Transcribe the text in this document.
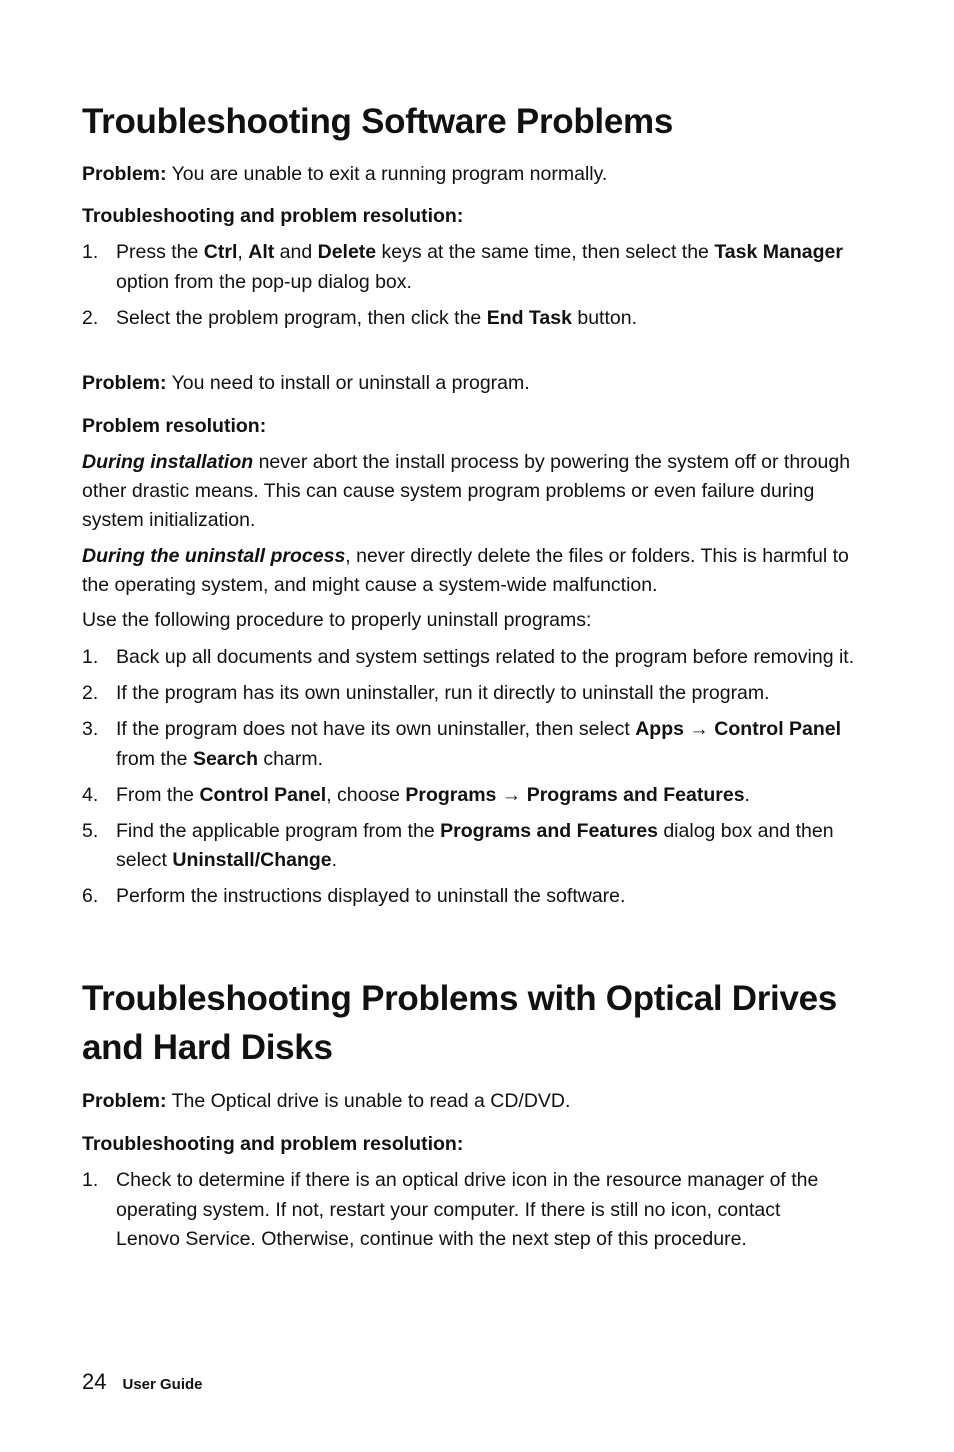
Troubleshooting Software Problems
Problem: You are unable to exit a running program normally.
Troubleshooting and problem resolution:
1. Press the Ctrl, Alt and Delete keys at the same time, then select the Task Manager option from the pop-up dialog box.
2. Select the problem program, then click the End Task button.
Problem: You need to install or uninstall a program.
Problem resolution:
During installation never abort the install process by powering the system off or through other drastic means. This can cause system program problems or even failure during system initialization.
During the uninstall process, never directly delete the files or folders. This is harmful to the operating system, and might cause a system-wide malfunction.
Use the following procedure to properly uninstall programs:
1. Back up all documents and system settings related to the program before removing it.
2. If the program has its own uninstaller, run it directly to uninstall the program.
3. If the program does not have its own uninstaller, then select Apps → Control Panel from the Search charm.
4. From the Control Panel, choose Programs → Programs and Features.
5. Find the applicable program from the Programs and Features dialog box and then select Uninstall/Change.
6. Perform the instructions displayed to uninstall the software.
Troubleshooting Problems with Optical Drives and Hard Disks
Problem: The Optical drive is unable to read a CD/DVD.
Troubleshooting and problem resolution:
1. Check to determine if there is an optical drive icon in the resource manager of the operating system. If not, restart your computer. If there is still no icon, contact Lenovo Service. Otherwise, continue with the next step of this procedure.
24 User Guide
